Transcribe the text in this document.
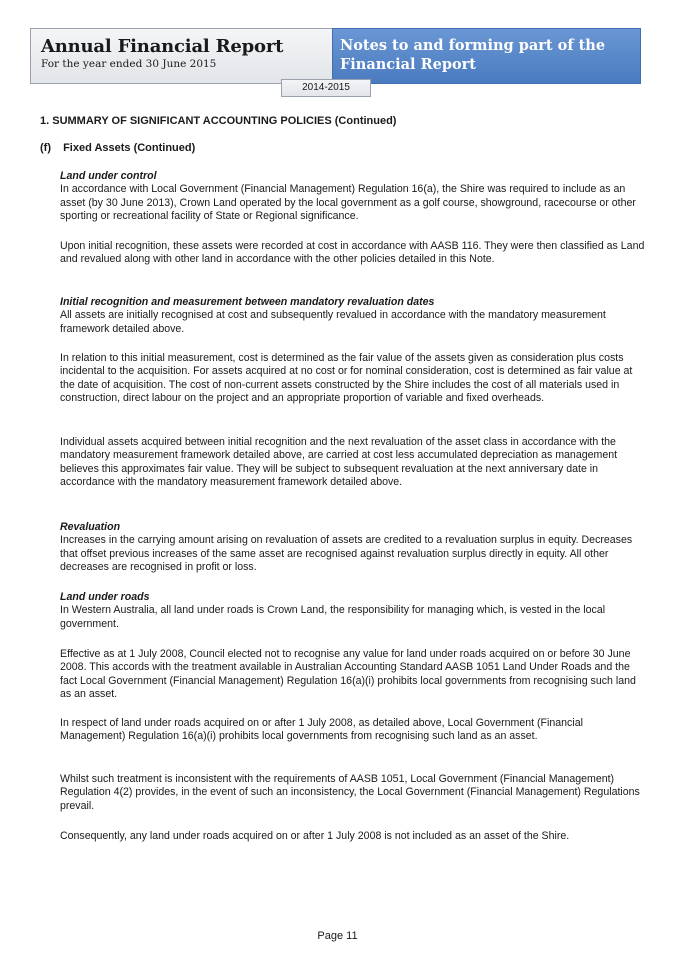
Annual Financial Report
For the year ended 30 June 2015
Notes to and forming part of the Financial Report
2014-2015
1. SUMMARY OF SIGNIFICANT ACCOUNTING POLICIES (Continued)
(f) Fixed Assets (Continued)
Land under control
In accordance with Local Government (Financial Management) Regulation 16(a), the Shire was required to include as an asset (by 30 June 2013), Crown Land operated by the local government as a golf course, showground, racecourse or other sporting or recreational facility of State or Regional significance.
Upon initial recognition, these assets were recorded at cost in accordance with AASB 116. They were then classified as Land and revalued along with other land in accordance with the other policies detailed in this Note.
Initial recognition and measurement between mandatory revaluation dates
All assets are initially recognised at cost and subsequently revalued in accordance with the mandatory measurement framework detailed above.
In relation to this initial measurement, cost is determined as the fair value of the assets given as consideration plus costs incidental to the acquisition. For assets acquired at no cost or for nominal consideration, cost is determined as fair value at the date of acquisition. The cost of non-current assets constructed by the Shire includes the cost of all materials used in construction, direct labour on the project and an appropriate proportion of variable and fixed overheads.
Individual assets acquired between initial recognition and the next revaluation of the asset class in accordance with the mandatory measurement framework detailed above, are carried at cost less accumulated depreciation as management believes this approximates fair value. They will be subject to subsequent revaluation at the next anniversary date in accordance with the mandatory measurement framework detailed above.
Revaluation
Increases in the carrying amount arising on revaluation of assets are credited to a revaluation surplus in equity. Decreases that offset previous increases of the same asset are recognised against revaluation surplus directly in equity. All other decreases are recognised in profit or loss.
Land under roads
In Western Australia, all land under roads is Crown Land, the responsibility for managing which, is vested in the local government.
Effective as at 1 July 2008, Council elected not to recognise any value for land under roads acquired on or before 30 June 2008. This accords with the treatment available in Australian Accounting Standard AASB 1051 Land Under Roads and the fact Local Government (Financial Management) Regulation 16(a)(i) prohibits local governments from recognising such land as an asset.
In respect of land under roads acquired on or after 1 July 2008, as detailed above, Local Government (Financial Management) Regulation 16(a)(i) prohibits local governments from recognising such land as an asset.
Whilst such treatment is inconsistent with the requirements of AASB 1051, Local Government (Financial Management) Regulation 4(2) provides, in the event of such an inconsistency, the Local Government (Financial Management) Regulations prevail.
Consequently, any land under roads acquired on or after 1 July 2008 is not included as an asset of the Shire.
Page 11
